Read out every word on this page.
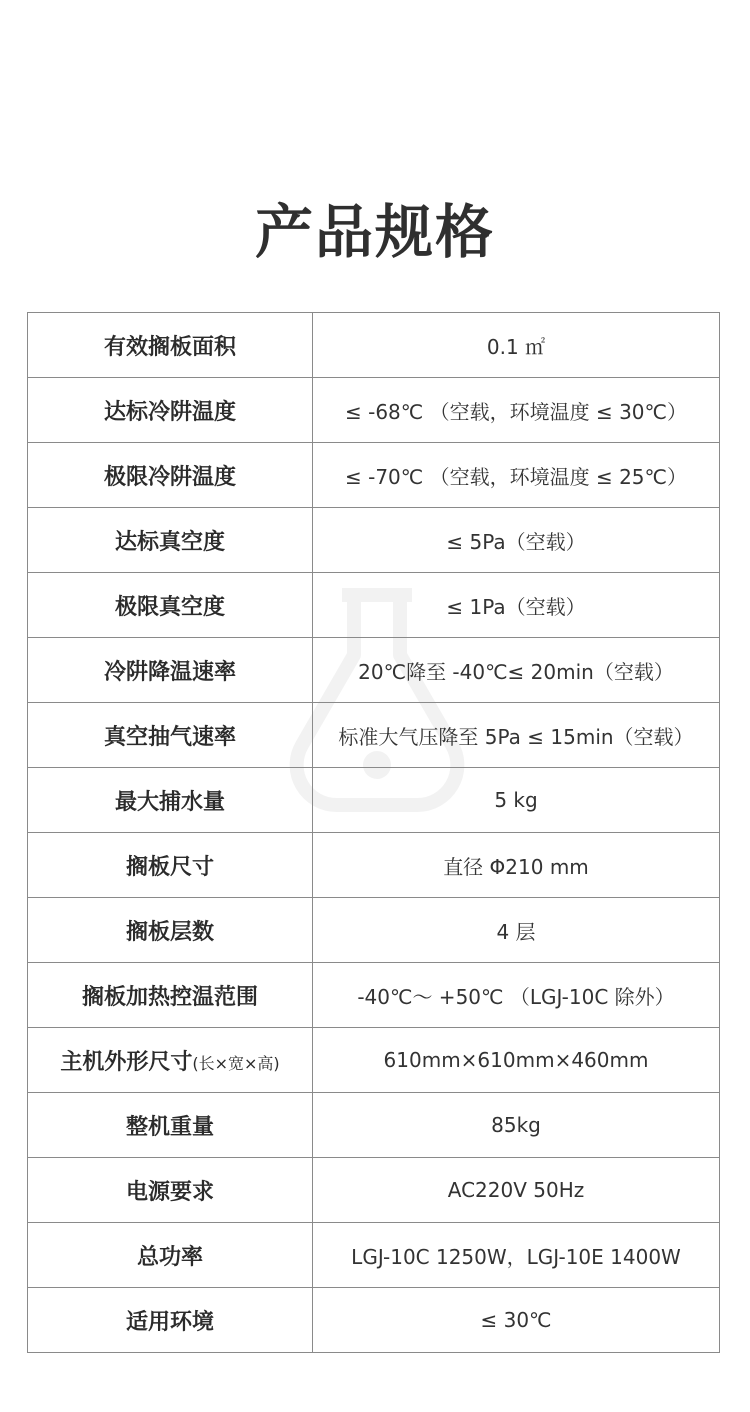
产品规格
有效搁板面积	0.1 ㎡
达标冷阱温度	≤ -68℃ （空载，环境温度 ≤ 30℃）
极限冷阱温度	≤ -70℃ （空载，环境温度 ≤ 25℃）
达标真空度	≤ 5Pa（空载）
极限真空度	≤ 1Pa（空载）
冷阱降温速率	20℃降至 -40℃≤ 20min（空载）
真空抽气速率	标准大气压降至 5Pa ≤ 15min（空载）
最大捕水量	5 kg
搁板尺寸	直径 Φ210 mm
搁板层数	4 层
搁板加热控温范围	-40℃～ +50℃ （LGJ-10C 除外）
主机外形尺寸(长×宽×高)	610mm×610mm×460mm
整机重量	85kg
电源要求	AC220V 50Hz
总功率	LGJ-10C 1250W，LGJ-10E 1400W
适用环境	≤ 30℃
